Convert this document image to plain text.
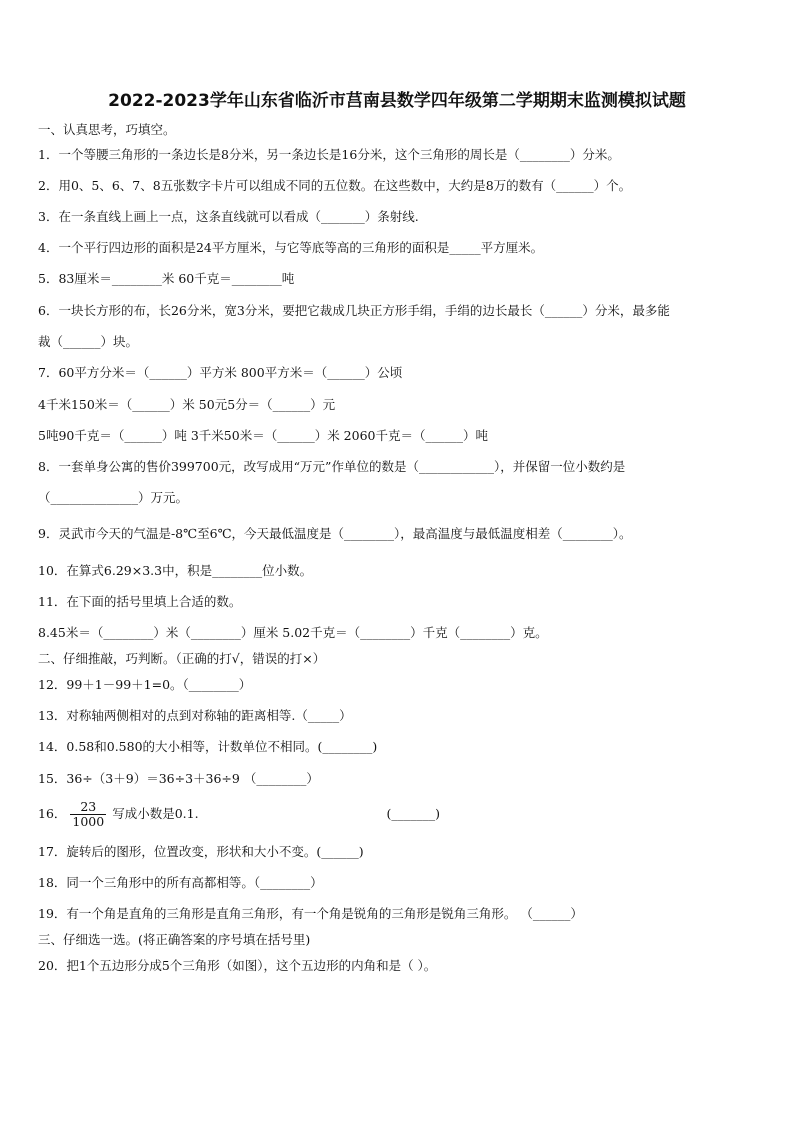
2022-2023学年山东省临沂市莒南县数学四年级第二学期期末监测模拟试题
一、认真思考，巧填空。
1．一个等腰三角形的一条边长是8分米，另一条边长是16分米，这个三角形的周长是（________）分米。
2．用0、5、6、7、8五张数字卡片可以组成不同的五位数。在这些数中，大约是8万的数有（______）个。
3．在一条直线上画上一点，这条直线就可以看成（_______）条射线.
4．一个平行四边形的面积是24平方厘米，与它等底等高的三角形的面积是_____平方厘米。
5．83厘米＝________米 60千克＝________吨
6．一块长方形的布，长26分米，宽3分米，要把它裁成几块正方形手绢，手绢的边长最长（______）分米，最多能
裁（______）块。
7．60平方分米＝（______）平方米 800平方米＝（______）公顷
4千米150米＝（______）米 50元5分＝（______）元
5吨90千克＝（______）吨 3千米50米＝（______）米 2060千克＝（______）吨
8．一套单身公寓的售价399700元，改写成用“万元”作单位的数是（____________），并保留一位小数约是
（______________）万元。
9．灵武市今天的气温是-8℃至6℃，今天最低温度是（________），最高温度与最低温度相差（________）。
10．在算式6.29×3.3中，积是________位小数。
11．在下面的括号里填上合适的数。
8.45米＝（________）米（________）厘米 5.02千克＝（________）千克（________）克。
二、仔细推敲，巧判断。（正确的打√，错误的打×）
12．99＋1－99＋1=0。（________）
13．对称轴两侧相对的点到对称轴的距离相等.（_____）
14．0.58和0.580的大小相等，计数单位不相同。(________)
15．36÷（3＋9）＝36÷3＋36÷9 （________）
17．旋转后的图形，位置改变，形状和大小不变。(______)
18．同一个三角形中的所有高都相等。（________）
19．有一个角是直角的三角形是直角三角形，有一个角是锐角的三角形是锐角三角形。 （______）
三、仔细选一选。(将正确答案的序号填在括号里)
20．把1个五边形分成5个三角形（如图），这个五边形的内角和是（ ）。
16． $\frac{23}{1000}$ 写成小数是0.1.	(_______)
